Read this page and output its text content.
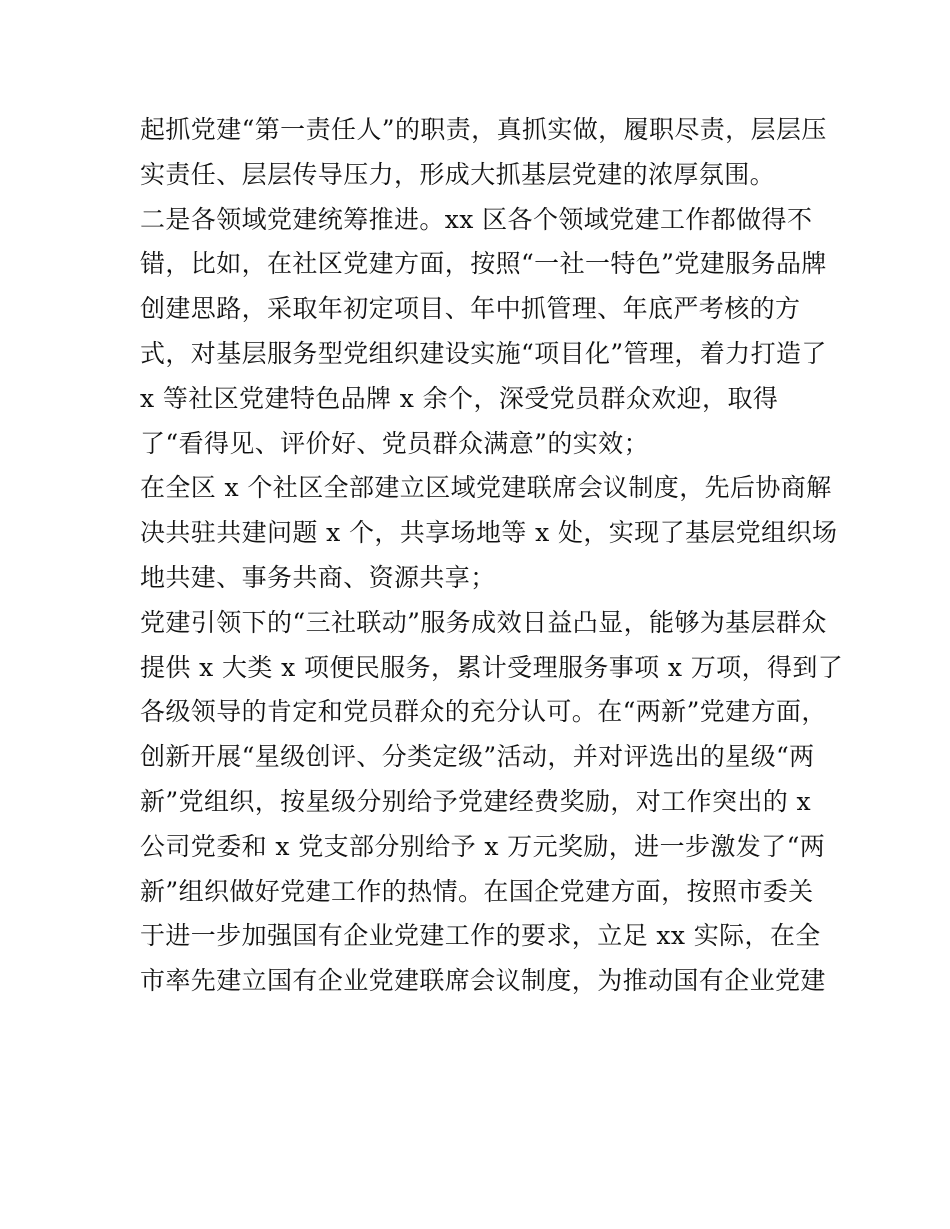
起抓党建“第一责任人”的职责，真抓实做，履职尽责，层层压
实责任、层层传导压力，形成大抓基层党建的浓厚氛围。
二是各领域党建统筹推进。xx 区各个领域党建工作都做得不
错，比如，在社区党建方面，按照“一社一特色”党建服务品牌
创建思路，采取年初定项目、年中抓管理、年底严考核的方
式，对基层服务型党组织建设实施“项目化”管理，着力打造了
x 等社区党建特色品牌 x 余个，深受党员群众欢迎，取得
了“看得见、评价好、党员群众满意”的实效；
在全区 x 个社区全部建立区域党建联席会议制度，先后协商解
决共驻共建问题 x 个，共享场地等 x 处，实现了基层党组织场
地共建、事务共商、资源共享；
党建引领下的“三社联动”服务成效日益凸显，能够为基层群众
提供 x 大类 x 项便民服务，累计受理服务事项 x 万项，得到了
各级领导的肯定和党员群众的充分认可。在“两新”党建方面，
创新开展“星级创评、分类定级”活动，并对评选出的星级“两
新”党组织，按星级分别给予党建经费奖励，对工作突出的 x
公司党委和 x 党支部分别给予 x 万元奖励，进一步激发了“两
新”组织做好党建工作的热情。在国企党建方面，按照市委关
于进一步加强国有企业党建工作的要求，立足 xx 实际，在全
市率先建立国有企业党建联席会议制度，为推动国有企业党建
